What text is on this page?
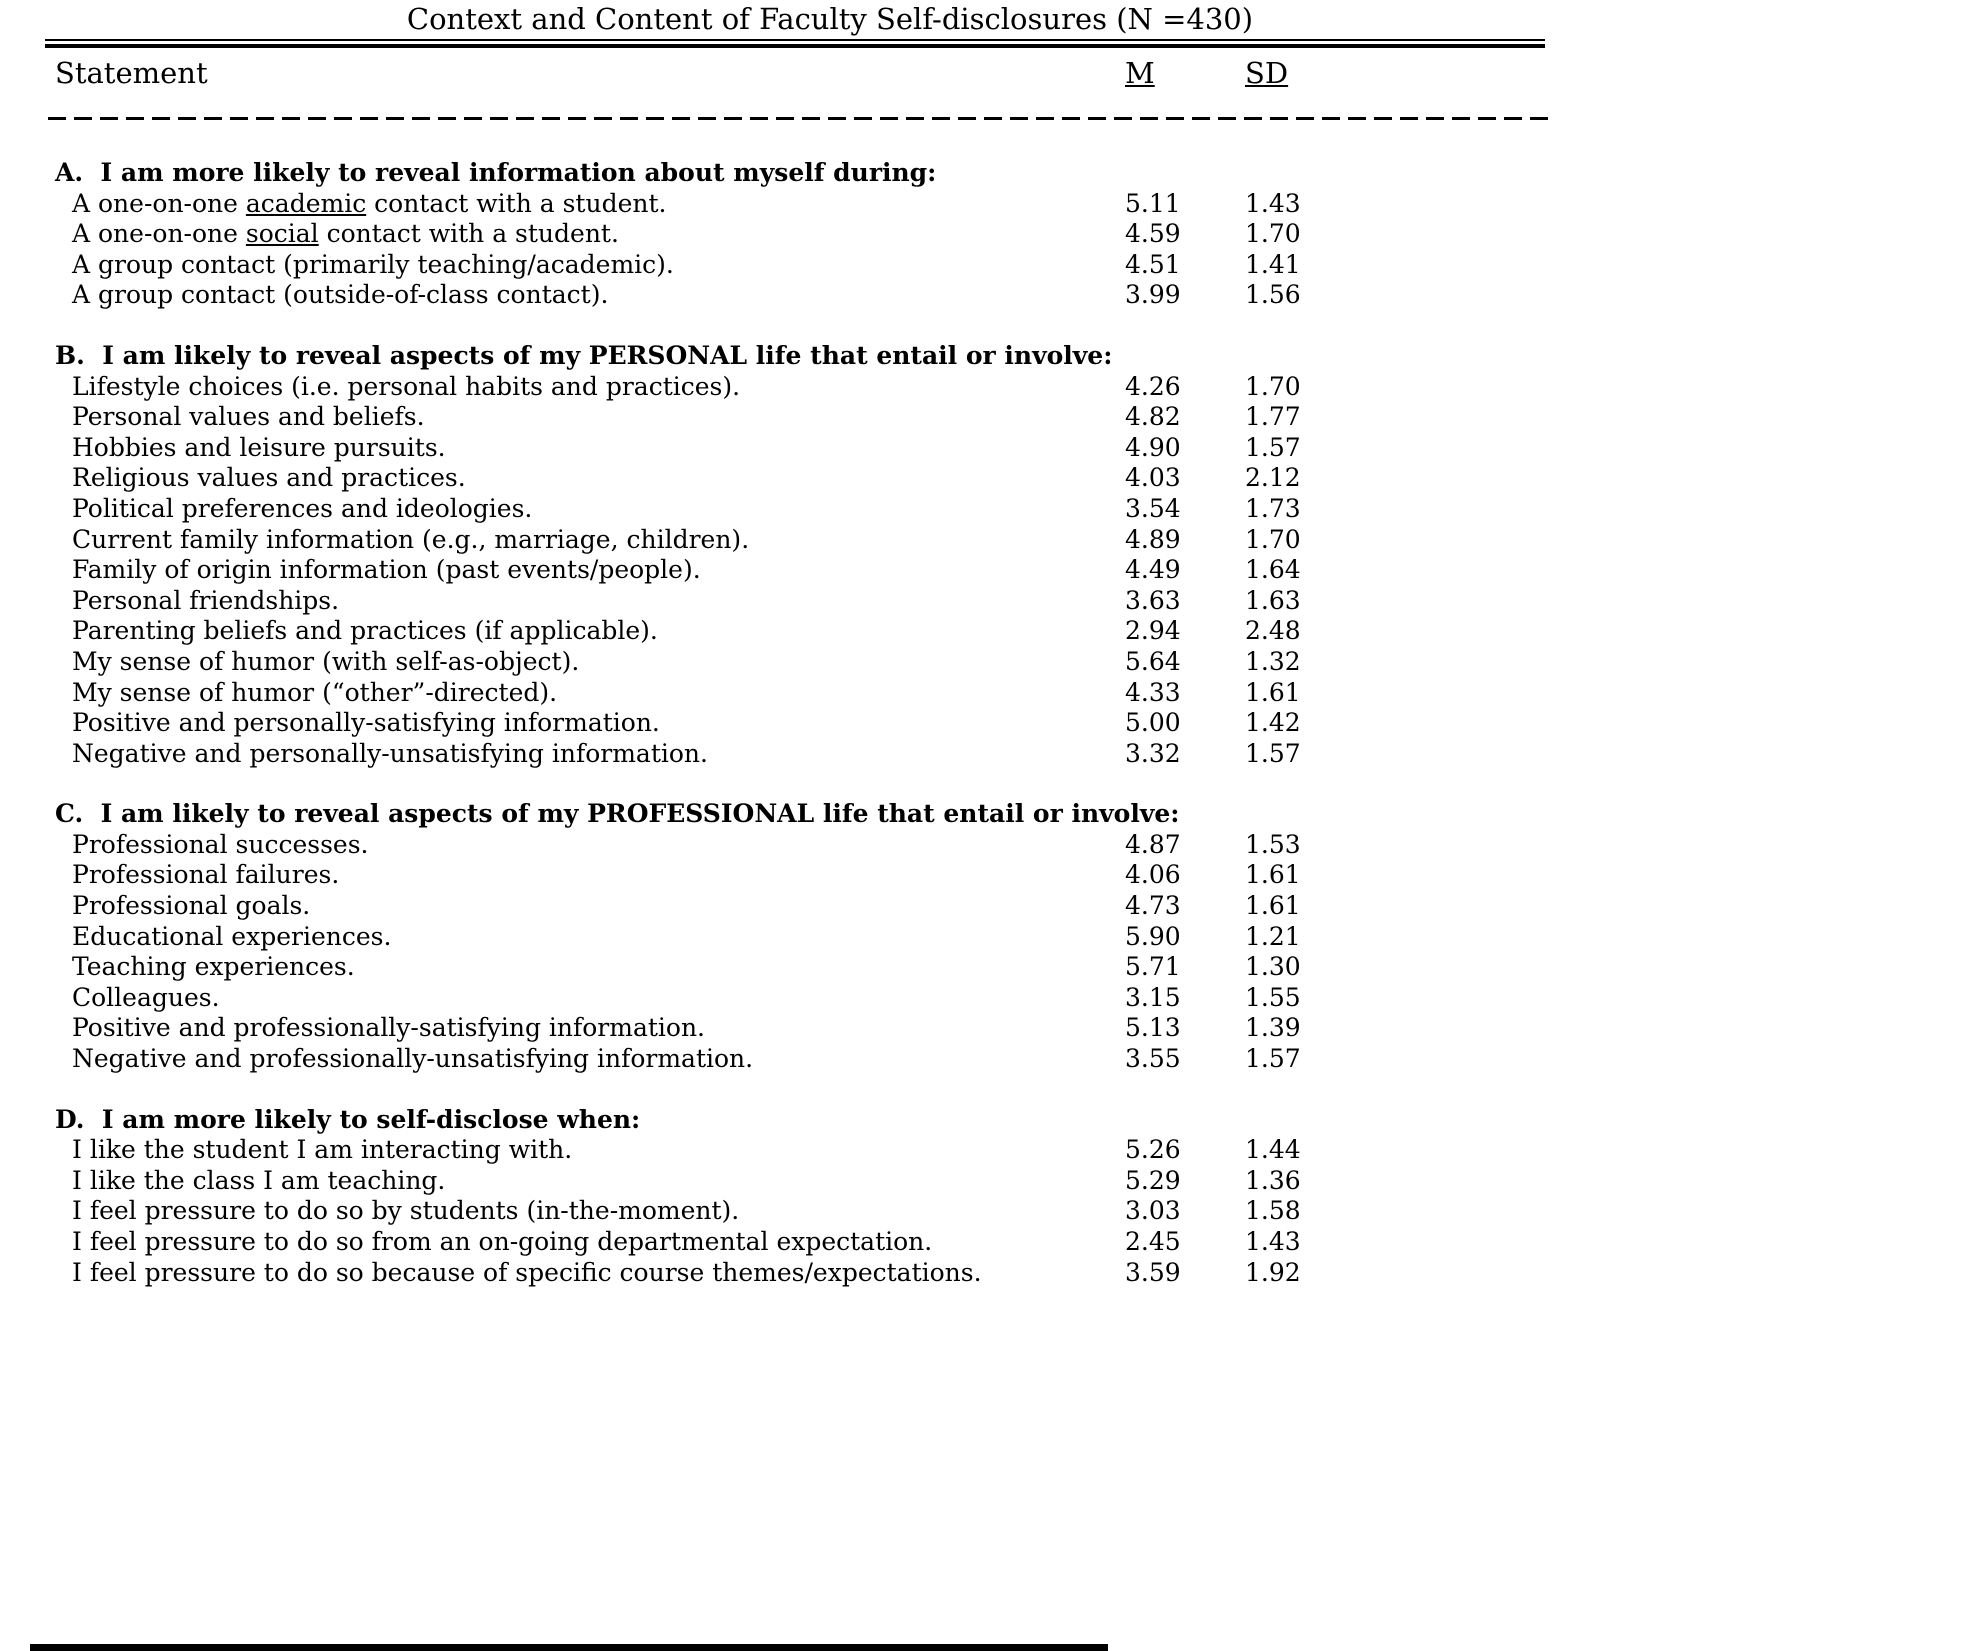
Context and Content of Faculty Self-disclosures (N =430)
Statement	M	SD
A.  I am more likely to reveal information about myself during:
A one-on-one academic contact with a student.	5.11	1.43
A one-on-one social contact with a student.	4.59	1.70
A group contact (primarily teaching/academic).	4.51	1.41
A group contact (outside-of-class contact).	3.99	1.56
B.  I am likely to reveal aspects of my PERSONAL life that entail or involve:
Lifestyle choices (i.e. personal habits and practices).	4.26	1.70
Personal values and beliefs.	4.82	1.77
Hobbies and leisure pursuits.	4.90	1.57
Religious values and practices.	4.03	2.12
Political preferences and ideologies.	3.54	1.73
Current family information (e.g., marriage, children).	4.89	1.70
Family of origin information (past events/people).	4.49	1.64
Personal friendships.	3.63	1.63
Parenting beliefs and practices (if applicable).	2.94	2.48
My sense of humor (with self-as-object).	5.64	1.32
My sense of humor (“other”-directed).	4.33	1.61
Positive and personally-satisfying information.	5.00	1.42
Negative and personally-unsatisfying information.	3.32	1.57
C.  I am likely to reveal aspects of my PROFESSIONAL life that entail or involve:
Professional successes.	4.87	1.53
Professional failures.	4.06	1.61
Professional goals.	4.73	1.61
Educational experiences.	5.90	1.21
Teaching experiences.	5.71	1.30
Colleagues.	3.15	1.55
Positive and professionally-satisfying information.	5.13	1.39
Negative and professionally-unsatisfying information.	3.55	1.57
D.  I am more likely to self-disclose when:
I like the student I am interacting with.	5.26	1.44
I like the class I am teaching.	5.29	1.36
I feel pressure to do so by students (in-the-moment).	3.03	1.58
I feel pressure to do so from an on-going departmental expectation.	2.45	1.43
I feel pressure to do so because of specific course themes/expectations.	3.59	1.92
